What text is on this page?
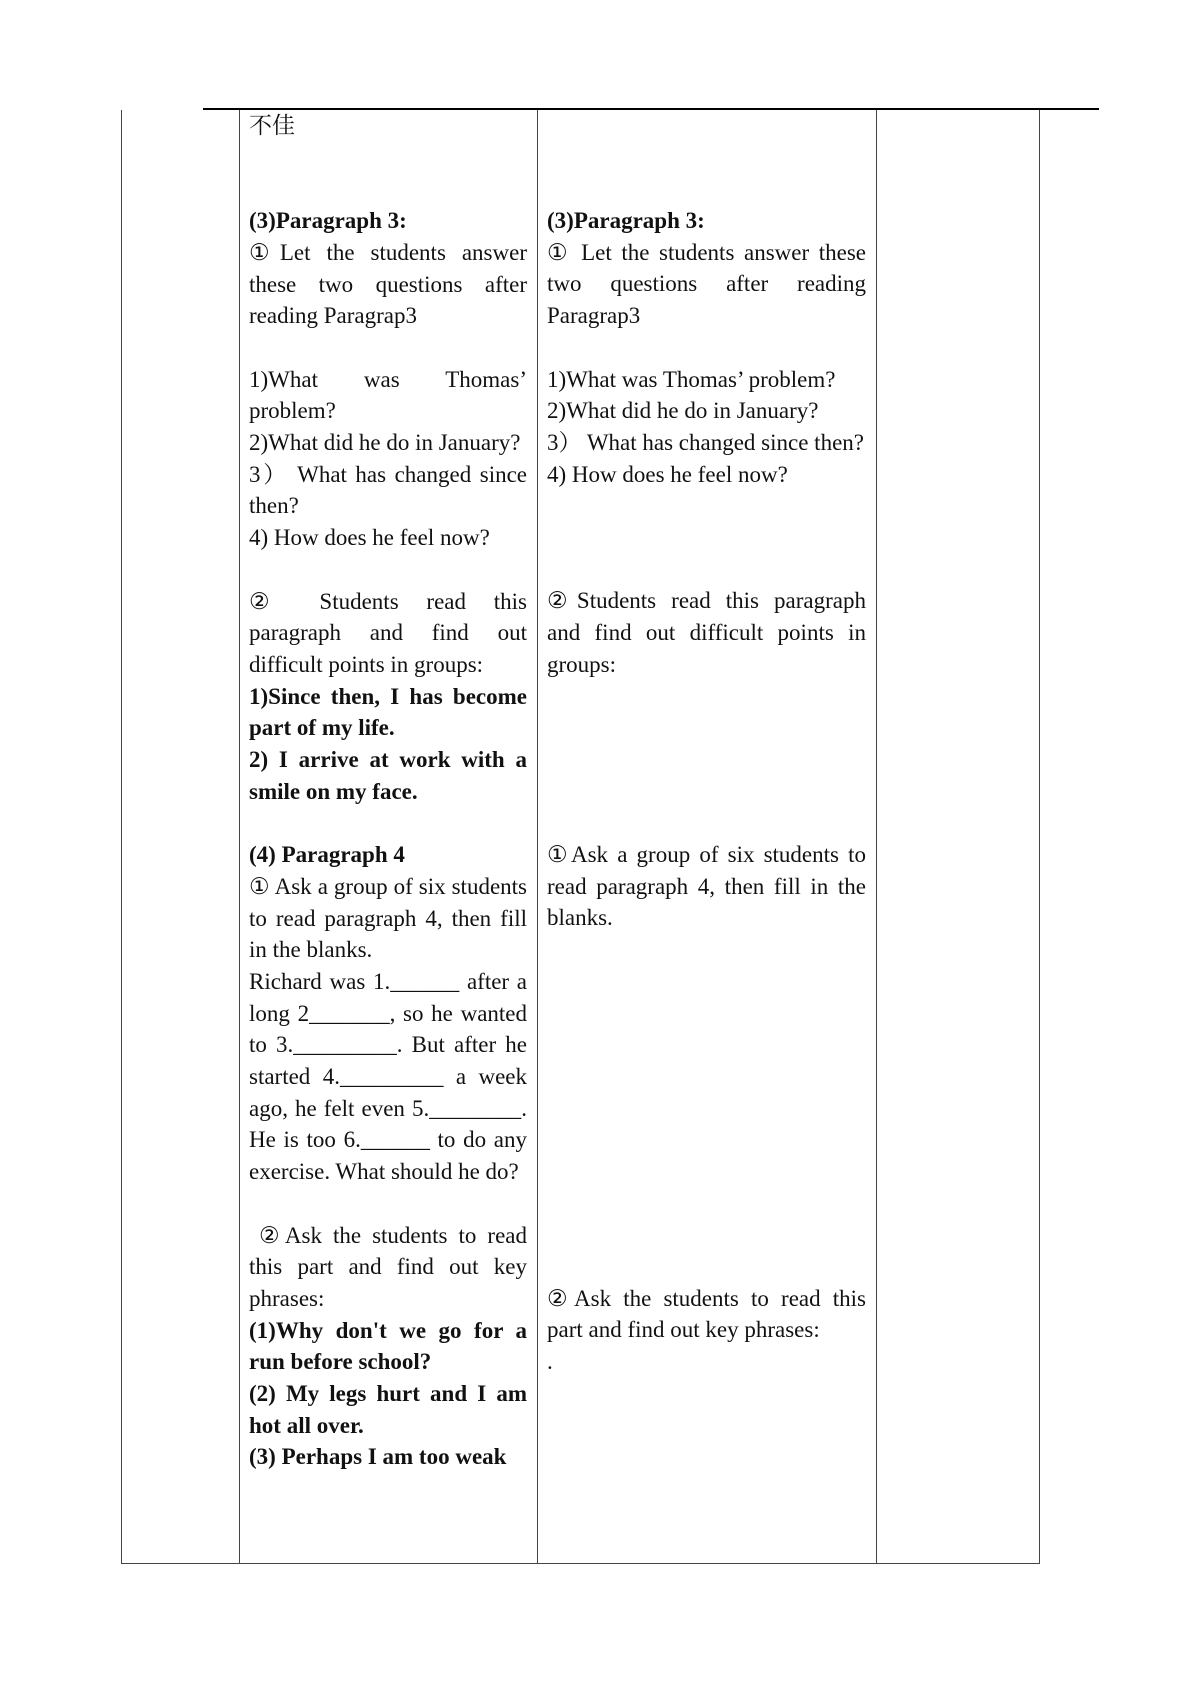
不佳

(3)Paragraph 3:

①Let the students answer these two questions after reading Paragrap3

1)What was Thomas’ problem?

2)What did he do in January?

3） What has changed since then?

4) How does he feel now?

② Students read this paragraph and find out difficult points in groups:

1)Since then, I has become part of my life.

2) I arrive at work with a smile on my face.

(4) Paragraph 4

① Ask a group of six students to read paragraph 4, then fill in the blanks.

Richard was 1.______ after a long 2_______, so he wanted to 3._________. But after he started 4._________ a week ago, he felt even 5.________. He is too 6.______ to do any exercise. What should he do?

②Ask the students to read this part and find out key phrases:

(1)Why don't we go for a run before school?

(2) My legs hurt and I am hot all over.

(3) Perhaps I am too weak

(3)Paragraph 3:

① Let the students answer these two questions after reading Paragrap3

1)What was Thomas’ problem?

2)What did he do in January?

3） What has changed since then?

4) How does he feel now?

②Students read this paragraph and find out difficult points in groups:

①Ask a group of six students to read paragraph 4, then fill in the blanks.

②Ask the students to read this part and find out key phrases:

.
